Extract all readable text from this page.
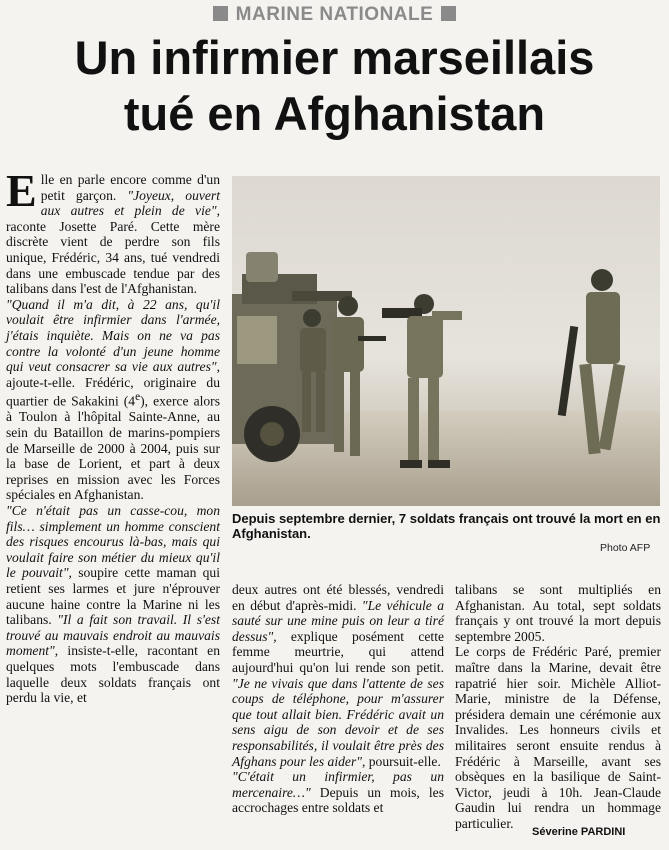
MARINE NATIONALE
Un infirmier marseillais
tué en Afghanistan
Elle en parle encore comme d'un petit garçon. "Joyeux, ouvert aux autres et plein de vie", raconte Josette Paré. Cette mère discrète vient de perdre son fils unique, Frédéric, 34 ans, tué vendredi dans une embuscade tendue par des talibans dans l'est de l'Afghanistan.

"Quand il m'a dit, à 22 ans, qu'il voulait être infirmier dans l'armée, j'étais inquiète. Mais on ne va pas contre la volonté d'un jeune homme qui veut consacrer sa vie aux autres", ajoute-t-elle. Frédéric, originaire du quartier de Sakakini (4e), exerce alors à Toulon à l'hôpital Sainte-Anne, au sein du Bataillon de marins-pompiers de Marseille de 2000 à 2004, puis sur la base de Lorient, et part à deux reprises en mission avec les Forces spéciales en Afghanistan.

"Ce n'était pas un casse-cou, mon fils… simplement un homme conscient des risques encourus là-bas, mais qui voulait faire son métier du mieux qu'il le pouvait", soupire cette maman qui retient ses larmes et jure n'éprouver aucune haine contre la Marine ni les talibans. "Il a fait son travail. Il s'est trouvé au mauvais endroit au mauvais moment", insiste-t-elle, racontant en quelques mots l'embuscade dans laquelle deux soldats français ont perdu la vie, et

Depuis septembre dernier, 7 soldats français ont trouvé la mort en en Afghanistan.
Photo AFP
deux autres ont été blessés, vendredi en début d'après-midi. "Le véhicule a sauté sur une mine puis on leur a tiré dessus", explique posément cette femme meurtrie, qui attend aujourd'hui qu'on lui rende son petit. "Je ne vivais que dans l'attente de ses coups de téléphone, pour m'assurer que tout allait bien. Frédéric avait un sens aigu de son devoir et de ses responsabilités, il voulait être près des Afghans pour les aider", poursuit-elle.

"C'était un infirmier, pas un mercenaire…" Depuis un mois, les accrochages entre soldats et

talibans se sont multipliés en Afghanistan. Au total, sept soldats français y ont trouvé la mort depuis septembre 2005.

Le corps de Frédéric Paré, premier maître dans la Marine, devait être rapatrié hier soir. Michèle Alliot-Marie, ministre de la Défense, présidera demain une cérémonie aux Invalides. Les honneurs civils et militaires seront ensuite rendus à Frédéric à Marseille, avant ses obsèques en la basilique de Saint-Victor, jeudi à 10h. Jean-Claude Gaudin lui rendra un hommage particulier.

Séverine PARDINI
